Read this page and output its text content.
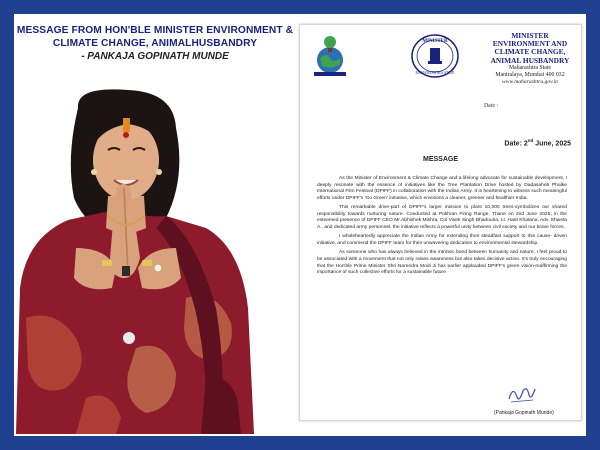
MESSAGE FROM HON'BLE MINISTER ENVIRONMENT &
CLIMATE CHANGE, ANIMALHUSBANDRY
- PANKAJA GOPINATH MUNDE
MINISTER
MAHARASHTRA STATE
MINISTER
ENVIRONMENT AND
CLIMATE CHANGE,
ANIMAL HUSBANDRY
Maharashtra State
Mantralaya, Mumbai 400 032
www.maharashtra.gov.in
Date :
Date: 2nd June, 2025
MESSAGE

As the Minister of Environment & Climate Change and a lifelong advocate for sustainable development, I deeply resonate with the essence of initiatives like the Tree Plantation Drive hosted by Dadasaheb Phalke International Film Festival (DPIFF) in collaboration with the Indian Army. It is heartening to witness such meaningful efforts under DPIFF's 'Go Green' initiative, which envisions a cleaner, greener and healthier India.

This remarkable drive-part of DPIFF's larger mission to plant 10,000 trees-symbolizes our shared responsibility towards nurturing nature. Conducted at Pokhran Firing Range, Thane on 2nd June 2025, in the esteemed presence of DPIFF CEO Mr.Abhishek Mishra, Col Vivek Singh Bhadouria, Lt. Harit Khatana, Adv. Shweta A., and dedicated army personnel, the initiative reflects a powerful unity between civil society and our brave forces.

I wholeheartedly appreciate the Indian Army for extending their steadfast support to this cause- driven initiative, and commend the DPIFF team for their unwavering dedication to environmental stewardship.

As someone who has always believed in the intrinsic bond between humanity and nature, I feel proud to be associated with a movement that not only raises awareness but also takes decisive action. It's truly encouraging that the Hon'ble Prime Minister Shri Narendra Modi Ji has earlier applauded DPIFF's green vision-reaffirming the importance of such collective efforts for a sustainable future.

(Pankaja Gopinath Munde)
